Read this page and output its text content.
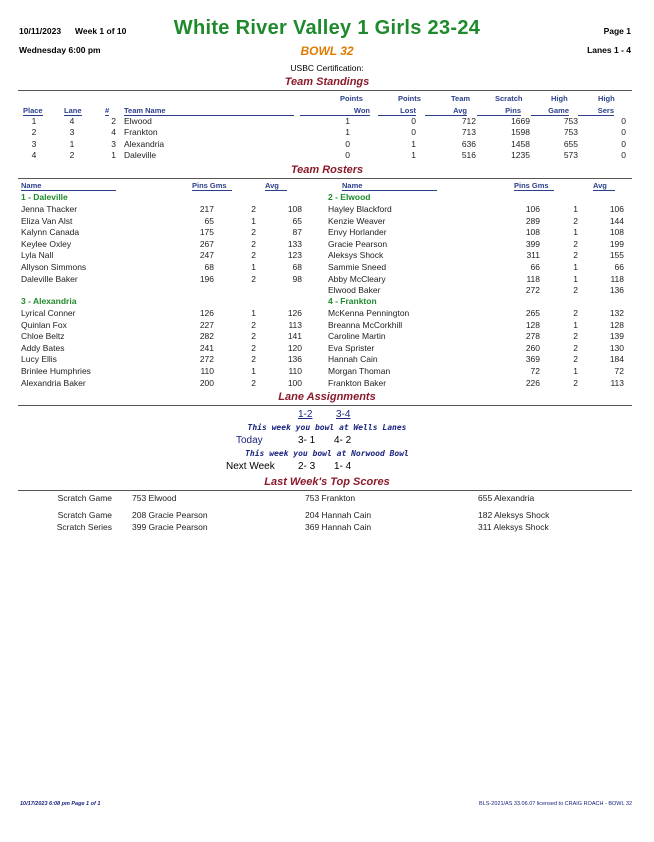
10/11/2023 Week 1 of 10
Wednesday 6:00 pm
White River Valley 1 Girls 23-24
BOWL 32
USBC Certification:
Page 1
Lanes 1 - 4
Team Standings
Points	Points	Team	Scratch	High	High
Place	Lane	# Team Name	Won	Lost	Avg	Pins	Game	Sers
1	4	2 Elwood	1	0	712	1669	753	0
2	3	4 Frankton	1	0	713	1598	753	0
3	1	3 Alexandria	0	1	636	1458	655	0
4	2	1 Daleville	0	1	516	1235	573	0
Team Rosters
Name	Pins Gms	Avg	Name	Pins Gms	Avg
1 - Daleville
Jenna Thacker	217	2	108
Eliza Van Alst	65	1	65
Kalynn Canada	175	2	87
Keylee Oxley	267	2	133
Lyla Nall	247	2	123
Allyson Simmons	68	1	68
Daleville Baker	196	2	98
3 - Alexandria
Lyrical Conner	126	1	126
Quinlan Fox	227	2	113
Chloe Beltz	282	2	141
Addy Bates	241	2	120
Lucy Ellis	272	2	136
Brinlee Humphries	110	1	110
Alexandria Baker	200	2	100
2 - Elwood
Hayley Blackford	106	1	106
Kenzie Weaver	289	2	144
Envy Horlander	108	1	108
Gracie Pearson	399	2	199
Aleksys Shock	311	2	155
Sammie Sneed	66	1	66
Abby McCleary	118	1	118
Elwood Baker	272	2	136
4 - Frankton
McKenna Pennington	265	2	132
Breanna McCorkhill	128	1	128
Caroline Martin	278	2	139
Eva Sprister	260	2	130
Hannah Cain	369	2	184
Morgan Thoman	72	1	72
Frankton Baker	226	2	113
Lane Assignments
1-2 3-4
This week you bowl at Wells Lanes
Today	3- 1 4- 2
This week you bowl at Norwood Bowl
Next Week 2- 3 1- 4
Last Week's Top Scores
Scratch Game 753 Elwood	753 Frankton	655 Alexandria
Scratch Game 208 Gracie Pearson	204 Hannah Cain	182 Aleksys Shock
Scratch Series 399 Gracie Pearson	369 Hannah Cain	311 Aleksys Shock
10/17/2023 6:08 pm Page 1 of 1	BLS-2021/AS 33.06.07 licensed to CRAIG ROACH - BOWL 32
